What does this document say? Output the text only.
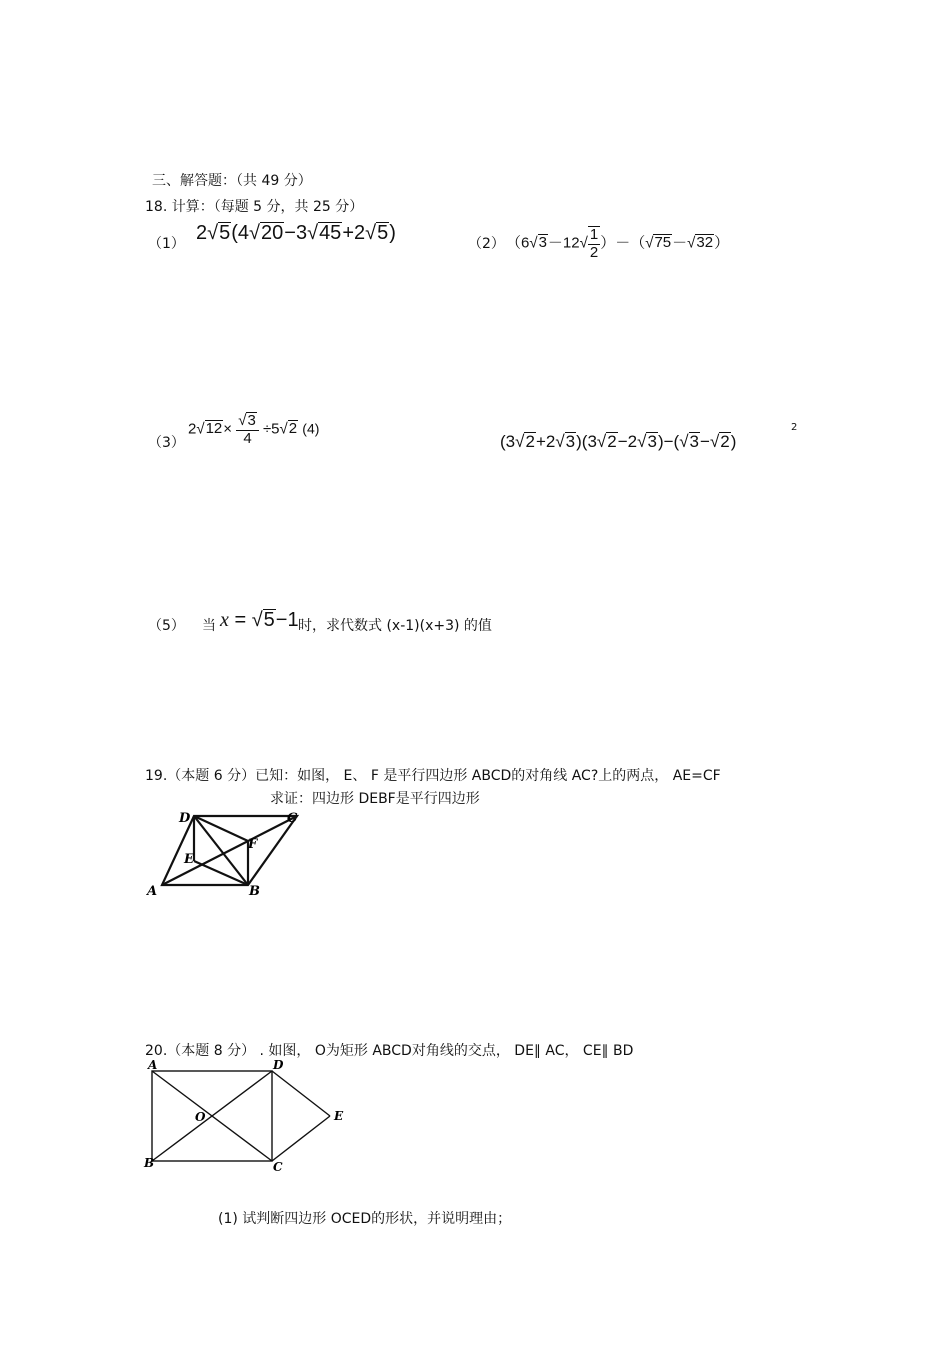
三、解答题：（共 49 分）
18. 计算：（每题 5 分，共 25 分）
（1） 2√5(4√20−3√45+2√5)	（2） $(6√3-12√ \frac{1}{2} )-(√75-√32)$
（3）
$2√12\times \frac{√3}{4} \div 5√2$ (4)
(3√2+2√3)(3√2−2√3)−(√3−√2)
2
（5） 当 x = √5−1 时，求代数式 (x-1)(x+3) 的值
19.（本题 6 分）已知：如图， E、 F 是平行四边形 ABCD的对角线 AC?上的两点， AE=CF
求证：四边形 DEBF是平行四边形
D	C
E
F
A	B
20.（本题 8 分） . 如图， O为矩形 ABCD对角线的交点， DE∥ AC， CE∥ BD
A	D
B	C
E
O
(1) 试判断四边形 OCED的形状，并说明理由；
